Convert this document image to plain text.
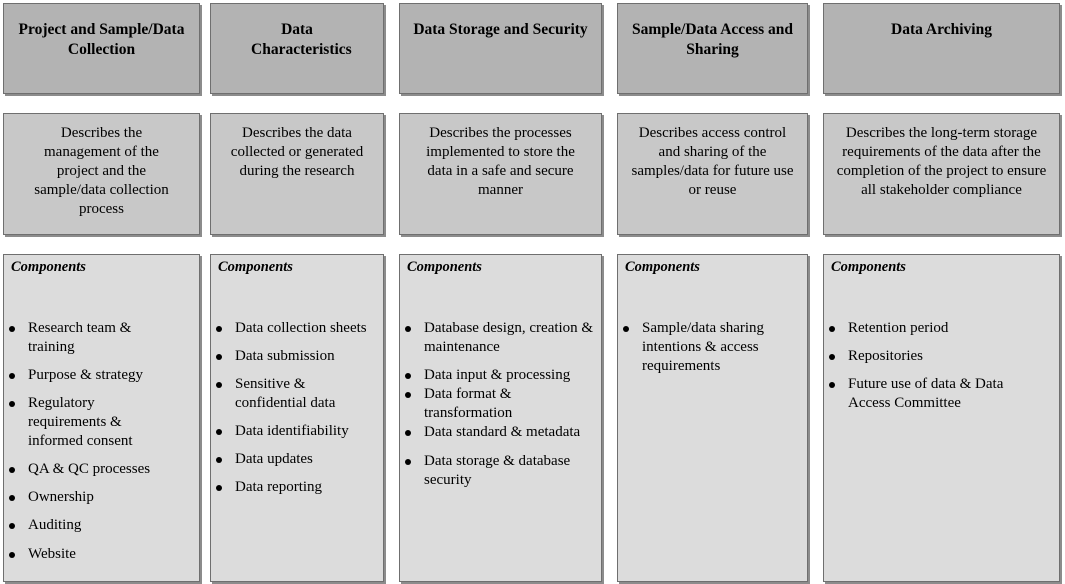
Project and Sample/Data Collection
Describes the management of the project and the sample/data collection process
Components
Research team & training
Purpose & strategy
Regulatory requirements & informed consent
QA & QC processes
Ownership
Auditing
Website
Data Characteristics
Describes the data collected or generated during the research
Components
Data collection sheets
Data submission
Sensitive & confidential data
Data identifiability
Data updates
Data reporting
Data Storage and Security
Describes the processes implemented to store the data in a safe and secure manner
Components
Database design, creation & maintenance
Data input & processing
Data format & transformation
Data standard & metadata
Data storage & database security
Sample/Data Access and Sharing
Describes access control and sharing of the samples/data for future use or reuse
Components
Sample/data sharing intentions & access requirements
Data Archiving
Describes the long-term storage requirements of the data after the completion of the project to ensure all stakeholder compliance
Components
Retention period
Repositories
Future use of data & Data Access Committee
